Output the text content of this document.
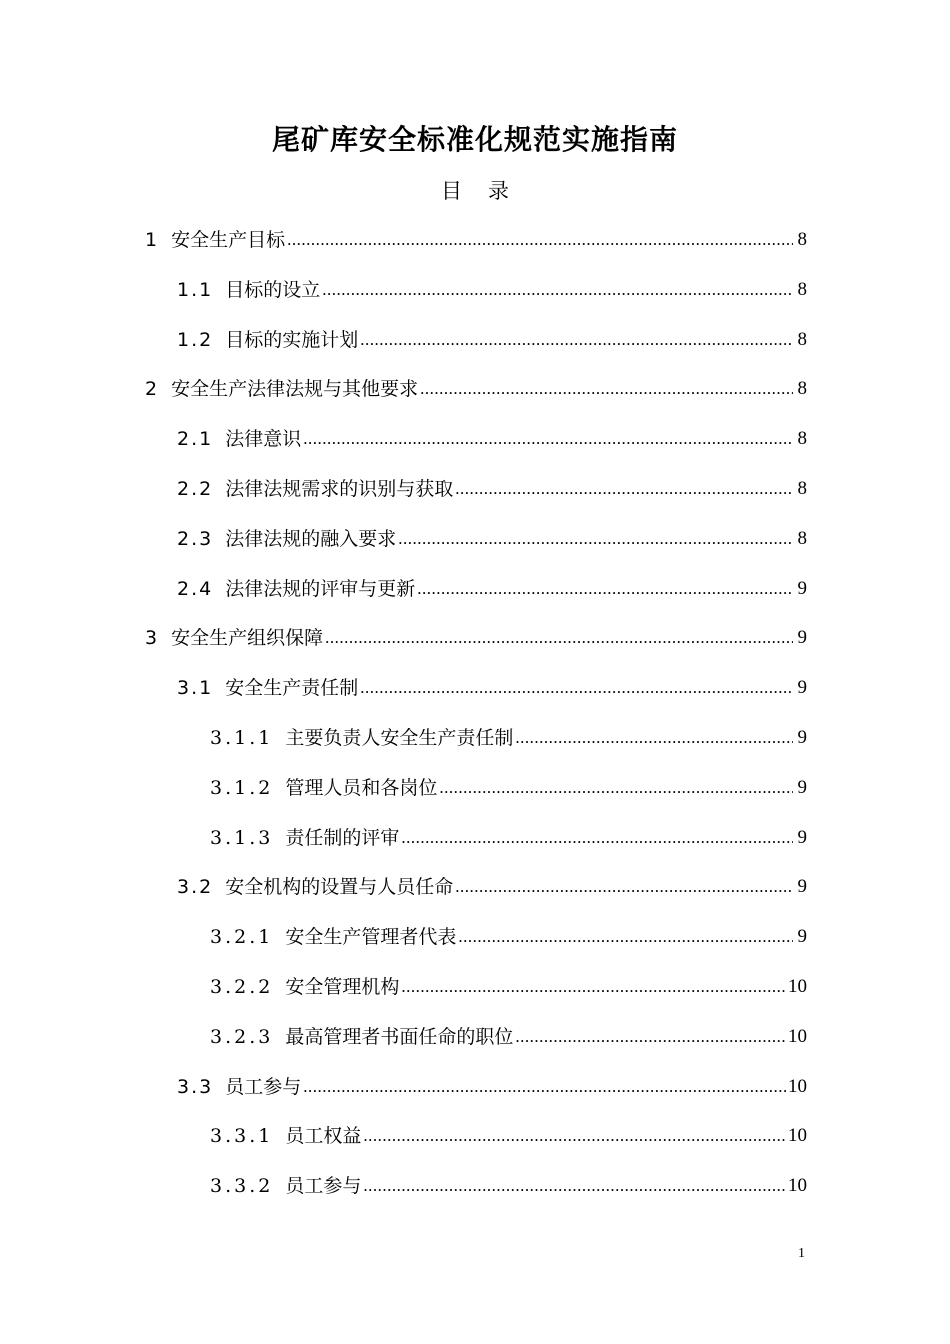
尾矿库安全标准化规范实施指南
目录
1 安全生产目标 .....	8
1.1 目标的设立 .....	8
1.2 目标的实施计划 .....	8
2 安全生产法律法规与其他要求 .....	8
2.1 法律意识 .....	8
2.2 法律法规需求的识别与获取 .....	8
2.3 法律法规的融入要求 .....	8
2.4 法律法规的评审与更新 .....	9
3 安全生产组织保障 .....	9
3.1 安全生产责任制 .....	9
3.1.1 主要负责人安全生产责任制 .....	9
3.1.2 管理人员和各岗位 .....	9
3.1.3 责任制的评审 .....	9
3.2 安全机构的设置与人员任命 .....	9
3.2.1 安全生产管理者代表 .....	9
3.2.2 安全管理机构 .....	10
3.2.3 最高管理者书面任命的职位 .....	10
3.3 员工参与 .....	10
3.3.1 员工权益 .....	10
3.3.2 员工参与 .....	10
1
